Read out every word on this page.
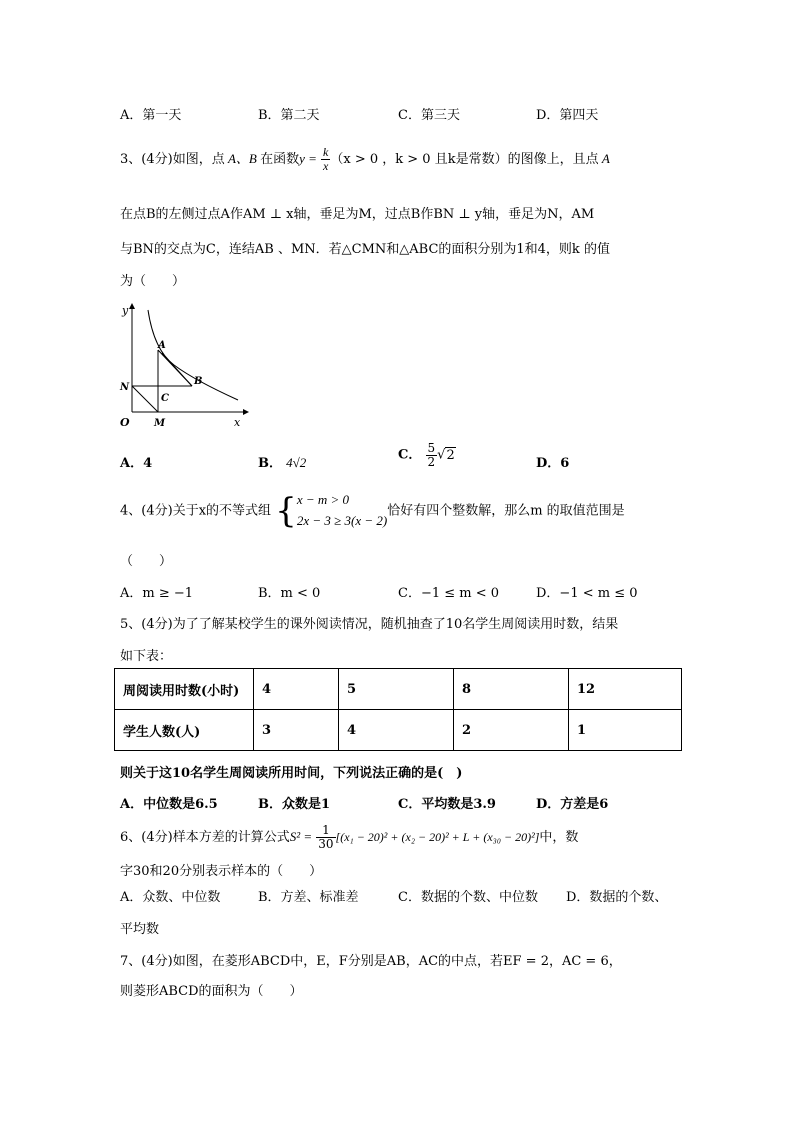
A．第一天	B．第二天	C．第三天	D．第四天
3、(4分)如图，点 A、B 在函数$y = \frac{k}{x} (x > 0$ ，k > 0 且k是常数）的图像上，且点 A
在点B的左侧过点A作AM ⊥ x轴，垂足为M，过点B作BN ⊥ y轴，垂足为N，AM
与BN的交点为C，连结AB 、MN．若△CMN和△ABC的面积分别为1和4，则k 的值
为（　　）
y
x
O
A
B
C
N
M
A．4	B． 4√2	C． $\frac{5}{2} √2$
D．6
4、(4分)关于x的不等式组 { x − m > 0
2x − 3 ≥ 3(x − 2)
恰好有四个整数解，那么m 的取值范围是
（　　）
A．m ≥ −1	B．m < 0	C．−1 ≤ m < 0	D．−1 < m ≤ 0
5、(4分)为了了解某校学生的课外阅读情况，随机抽查了10名学生周阅读用时数，结果
如下表：
周阅读用时数(小时)	4	5	8	12
学生人数(人)	3	4	2	1
则关于这10名学生周阅读所用时间，下列说法正确的是(　)
A．中位数是6.5	B．众数是1	C．平均数是3.9	D．方差是6
6、(4分)样本方差的计算公式$S^2 = \frac{1}{30} [(x_1 - 20)^2 + (x_2 - 20)^2 + L + (x_{30} - 20)^2]$中，数
字30和20分别表示样本的（　　）
A．众数、中位数	B．方差、标准差	C．数据的个数、中位数 D．数据的个数、
平均数
7、(4分)如图，在菱形ABCD中，E，F分别是AB，AC的中点，若EF = 2，AC = 6，
则菱形ABCD的面积为（　　）
